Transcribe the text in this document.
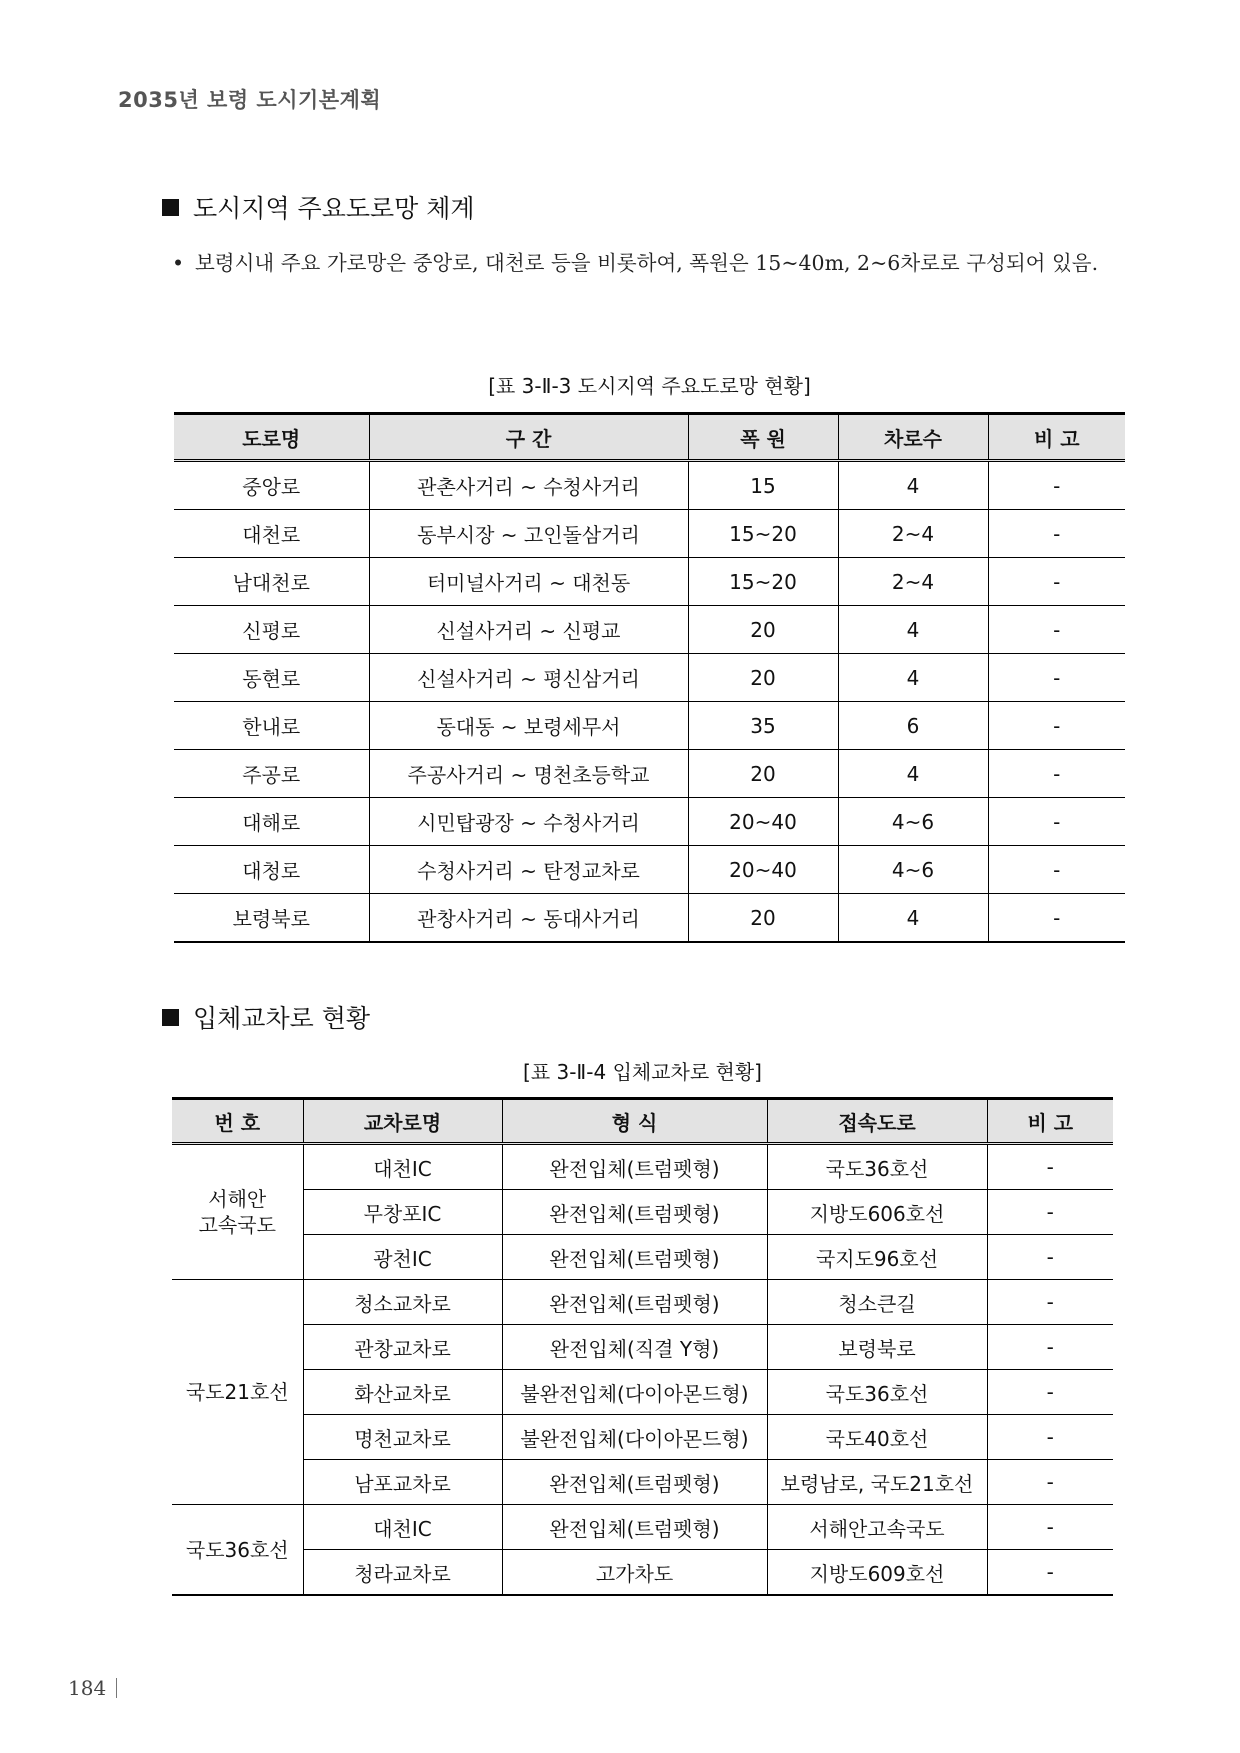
2035년 보령 도시기본계획
도시지역 주요도로망 체계
• 보령시내 주요 가로망은 중앙로, 대천로 등을 비롯하여, 폭원은 15~40m, 2~6차로로 구성되어 있음.
[표 3-Ⅱ-3 도시지역 주요도로망 현황]
도로명	구 간	폭 원	차로수	비 고
중앙로	관촌사거리 ~ 수청사거리	15	4	-
대천로	동부시장 ~ 고인돌삼거리	15~20	2~4	-
남대천로	터미널사거리 ~ 대천동	15~20	2~4	-
신평로	신설사거리 ~ 신평교	20	4	-
동현로	신설사거리 ~ 평신삼거리	20	4	-
한내로	동대동 ~ 보령세무서	35	6	-
주공로	주공사거리 ~ 명천초등학교	20	4	-
대해로	시민탑광장 ~ 수청사거리	20~40	4~6	-
대청로	수청사거리 ~ 탄정교차로	20~40	4~6	-
보령북로	관창사거리 ~ 동대사거리	20	4	-
입체교차로 현황
[표 3-Ⅱ-4 입체교차로 현황]
번 호	교차로명	형 식	접속도로	비 고

서해안
고속국도	대천IC	완전입체(트럼펫형)	국도36호선	-
	무창포IC	완전입체(트럼펫형)	지방도606호선	-
	광천IC	완전입체(트럼펫형)	국지도96호선	-

국도21호선	청소교차로	완전입체(트럼펫형)	청소큰길	-
	관창교차로	완전입체(직결 Y형)	보령북로	-
	화산교차로	불완전입체(다이아몬드형)	국도36호선	-
	명천교차로	불완전입체(다이아몬드형)	국도40호선	-
	남포교차로	완전입체(트럼펫형)	보령남로, 국도21호선	-

국도36호선	대천IC	완전입체(트럼펫형)	서해안고속국도	-
	청라교차로	고가차도	지방도609호선	-
184
